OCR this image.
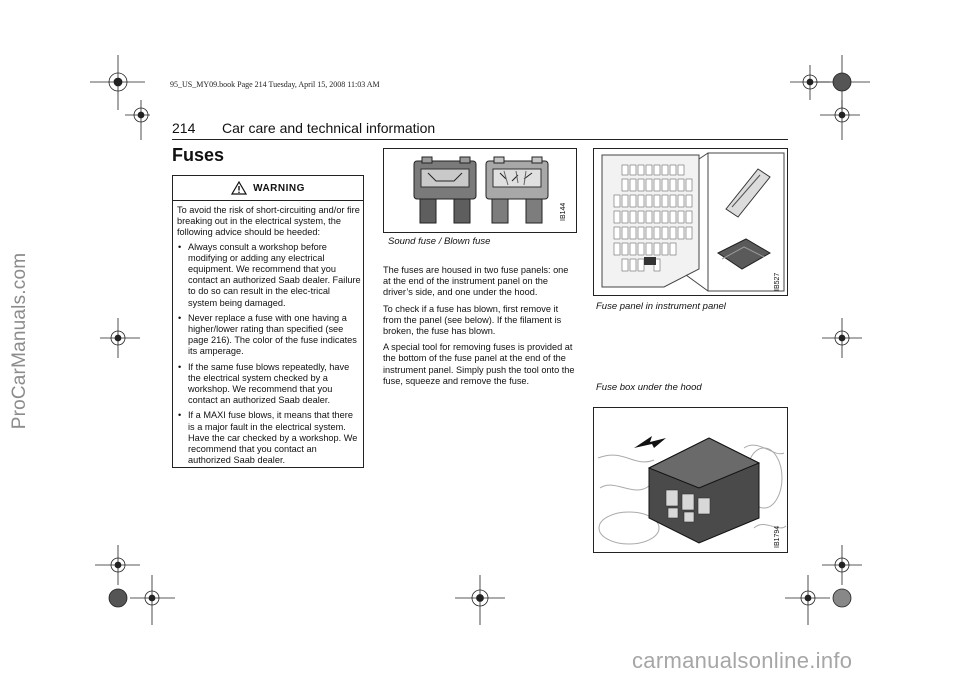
ProCarManuals.com
95_US_MY09.book Page 214 Tuesday, April 15, 2008 11:03 AM
214 Car care and technical information
Fuses
WARNING

To avoid the risk of short-circuiting and/or fire breaking out in the electrical system, the following advice should be heeded:

• Always consult a workshop before modifying or adding any electrical equipment. We recommend that you contact an authorized Saab dealer. Failure to do so can result in the elec-trical system being damaged.
• Never replace a fuse with one having a higher/lower rating than specified (see page 216). The color of the fuse indicates its amperage.
• If the same fuse blows repeatedly, have the electrical system checked by a workshop. We recommend that you contact an authorized Saab dealer.
• If a MAXI fuse blows, it means that there is a major fault in the electrical system. Have the car checked by a workshop. We recommend that you contact an authorized Saab dealer.
IB144
Sound fuse / Blown fuse

The fuses are housed in two fuse panels: one at the end of the instrument panel on the driver’s side, and one under the hood.

To check if a fuse has blown, first remove it from the panel (see below). If the filament is broken, the fuse has blown.

A special tool for removing fuses is provided at the bottom of the fuse panel at the end of the instrument panel. Simply push the tool onto the fuse, squeeze and remove the fuse.

IB527
Fuse panel in instrument panel
Fuse box under the hood
IB1794
carmanualsonline.info
